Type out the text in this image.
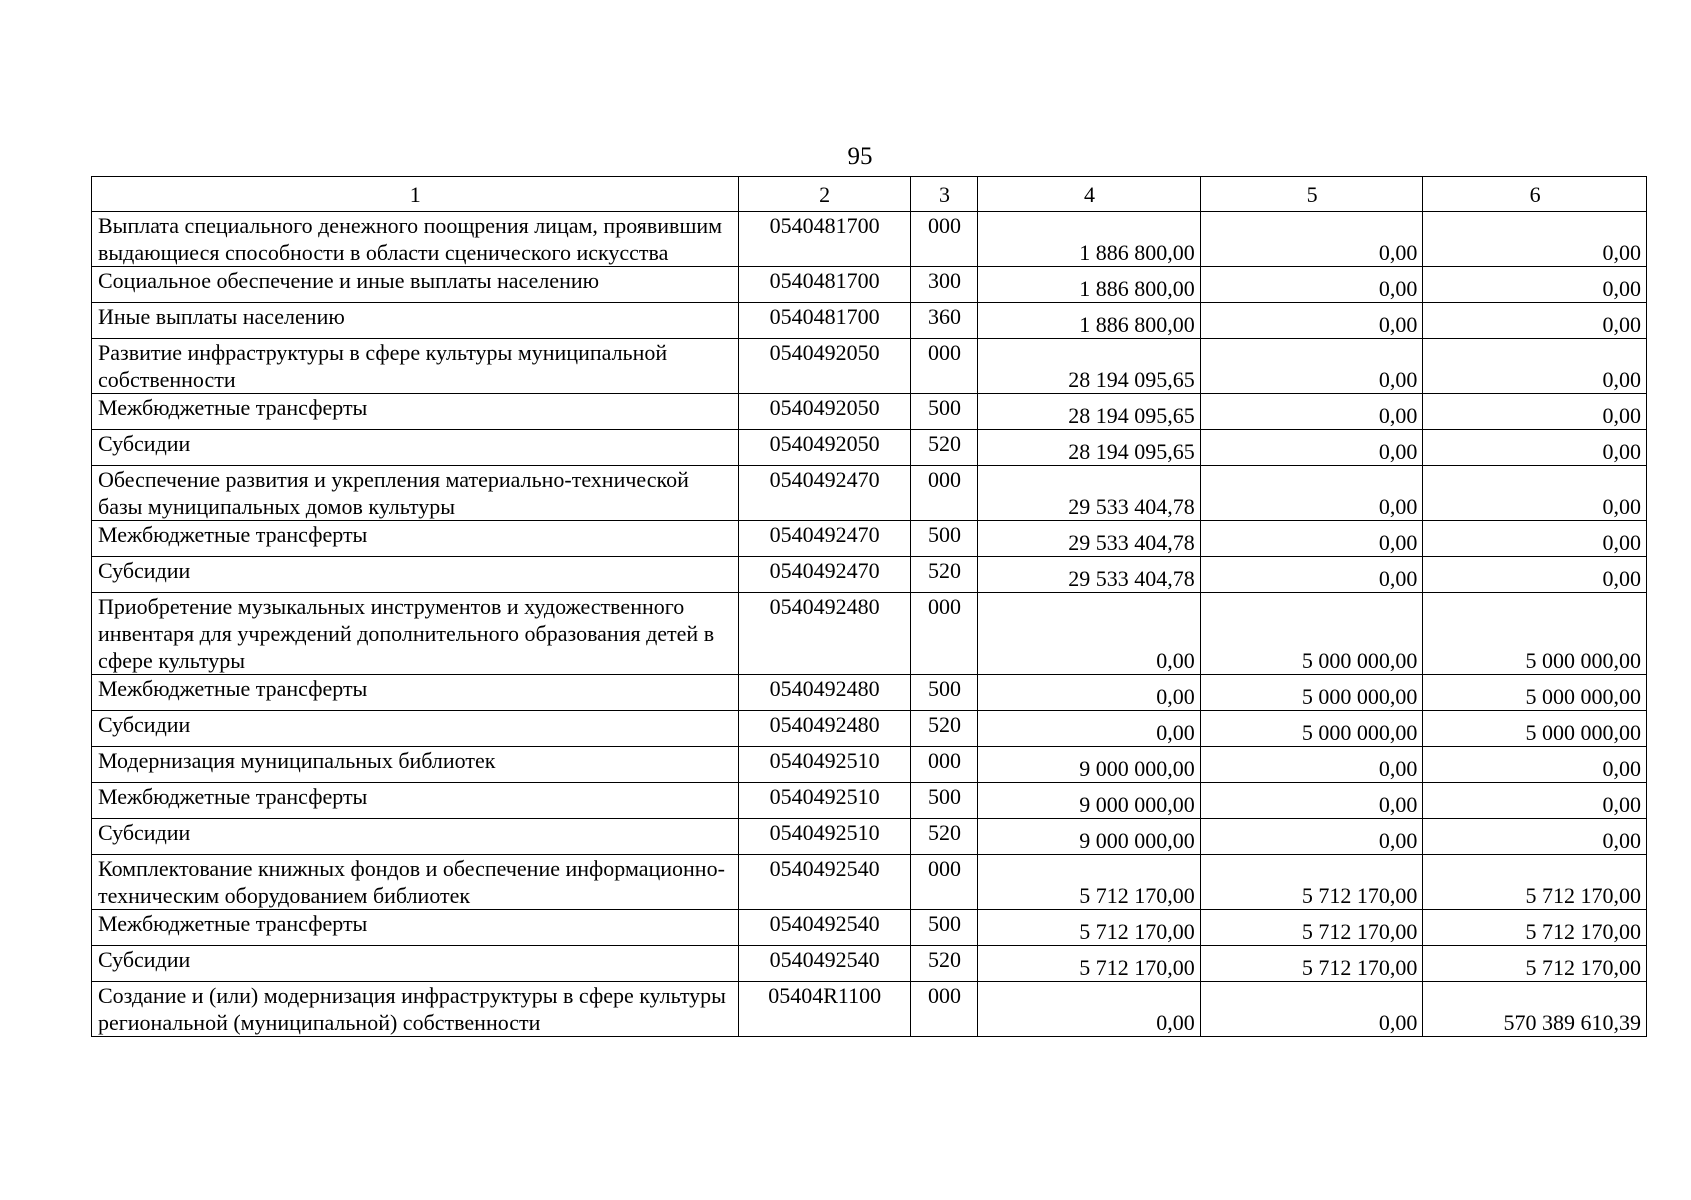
95
1	2	3	4	5	6
Выплата специального денежного поощрения лицам, проявившим выдающиеся способности в области сценического искусства	0540481700	000	1 886 800,00	0,00	0,00
Социальное обеспечение и иные выплаты населению	0540481700	300	1 886 800,00	0,00	0,00
Иные выплаты населению	0540481700	360	1 886 800,00	0,00	0,00
Развитие инфраструктуры в сфере культуры муниципальной собственности	0540492050	000	28 194 095,65	0,00	0,00
Межбюджетные трансферты	0540492050	500	28 194 095,65	0,00	0,00
Субсидии	0540492050	520	28 194 095,65	0,00	0,00
Обеспечение развития и укрепления материально-технической базы муниципальных домов культуры	0540492470	000	29 533 404,78	0,00	0,00
Межбюджетные трансферты	0540492470	500	29 533 404,78	0,00	0,00
Субсидии	0540492470	520	29 533 404,78	0,00	0,00
Приобретение музыкальных инструментов и художественного инвентаря для учреждений дополнительного образования детей в сфере культуры	0540492480	000	0,00	5 000 000,00	5 000 000,00
Межбюджетные трансферты	0540492480	500	0,00	5 000 000,00	5 000 000,00
Субсидии	0540492480	520	0,00	5 000 000,00	5 000 000,00
Модернизация муниципальных библиотек	0540492510	000	9 000 000,00	0,00	0,00
Межбюджетные трансферты	0540492510	500	9 000 000,00	0,00	0,00
Субсидии	0540492510	520	9 000 000,00	0,00	0,00
Комплектование книжных фондов и обеспечение информационно-техническим оборудованием библиотек	0540492540	000	5 712 170,00	5 712 170,00	5 712 170,00
Межбюджетные трансферты	0540492540	500	5 712 170,00	5 712 170,00	5 712 170,00
Субсидии	0540492540	520	5 712 170,00	5 712 170,00	5 712 170,00
Создание и (или) модернизация инфраструктуры в сфере культуры региональной (муниципальной) собственности	05404R1100	000	0,00	0,00	570 389 610,39
